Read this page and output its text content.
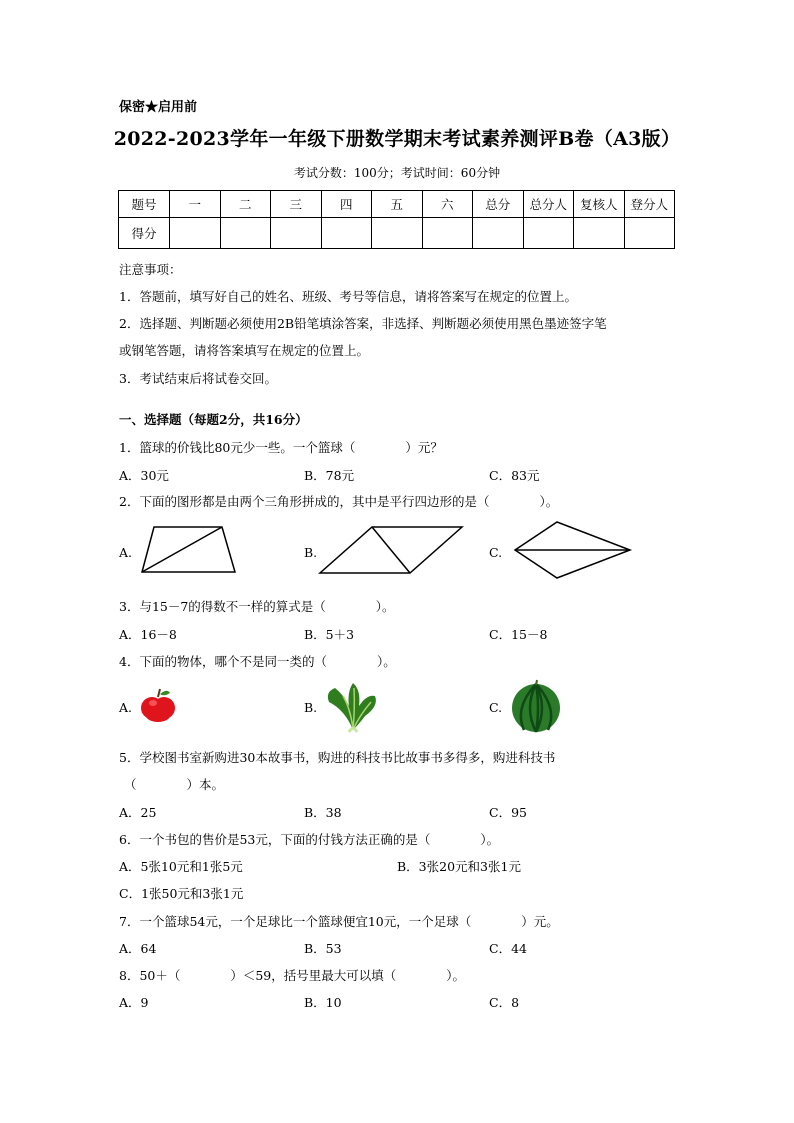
保密★启用前
2022-2023学年一年级下册数学期末考试素养测评B卷（A3版）
考试分数：100分；考试时间：60分钟
题号	一	二	三	四	五	六	总分	总分人	复核人	登分人
得分										
注意事项：
1．答题前，填写好自己的姓名、班级、考号等信息，请将答案写在规定的位置上。
2．选择题、判断题必须使用2B铅笔填涂答案，非选择、判断题必须使用黑色墨迹签字笔
或钢笔答题，请将答案填写在规定的位置上。
3．考试结束后将试卷交回。
一、选择题（每题2分，共16分）
1．篮球的价钱比80元少一些。一个篮球（　　　　）元？
A．30元	B．78元	C．83元
2．下面的图形都是由两个三角形拼成的，其中是平行四边形的是（　　　　）。
A.	B.	C.
3．与15－7的得数不一样的算式是（　　　　）。
A．16－8	B．5＋3	C．15－8
4．下面的物体，哪个不是同一类的（　　　　）。
A.	B.	C.
5．学校图书室新购进30本故事书，购进的科技书比故事书多得多，购进科技书
（　　　　）本。
A．25	B．38	C．95
6．一个书包的售价是53元，下面的付钱方法正确的是（　　　　）。
A．5张10元和1张5元	B．3张20元和3张1元
C．1张50元和3张1元
7．一个篮球54元，一个足球比一个篮球便宜10元，一个足球（　　　　）元。
A．64	B．53	C．44
8．50＋（　　　　）＜59，括号里最大可以填（　　　　）。
A．9	B．10	C．8
